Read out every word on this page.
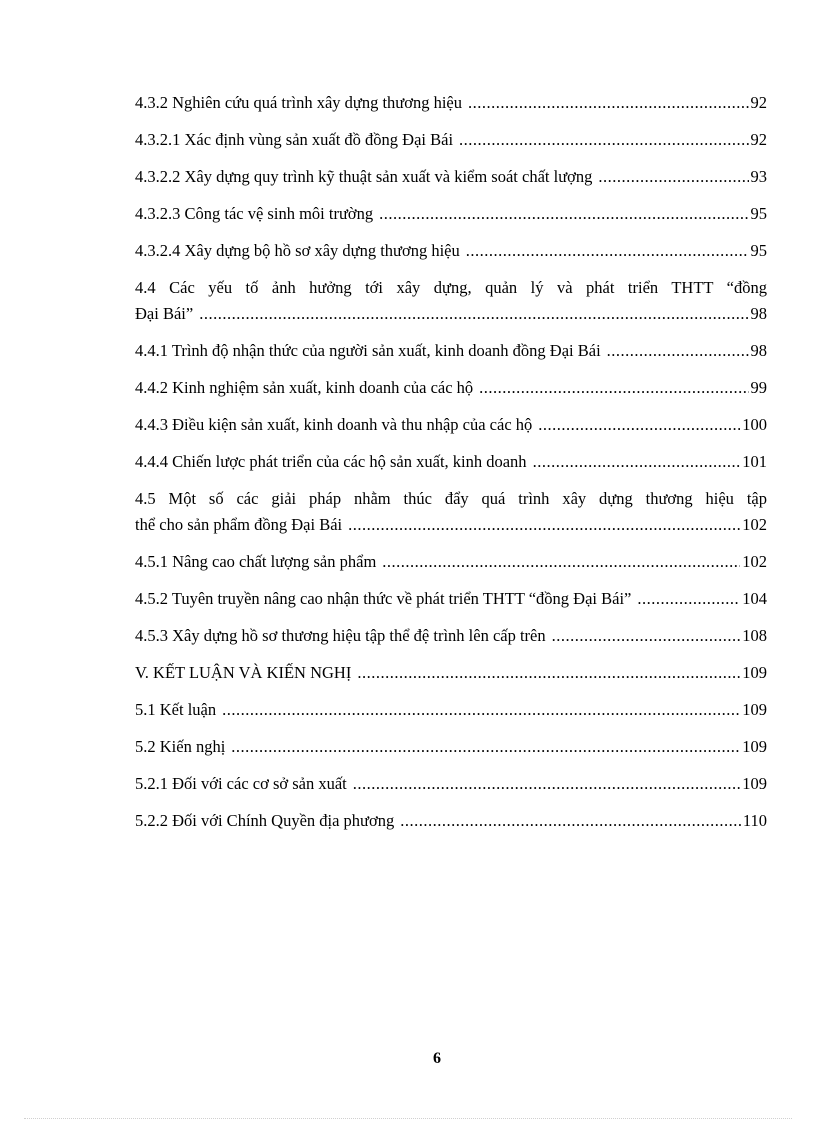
4.3.2 Nghiên cứu quá trình xây dựng thương hiệu .....	92
4.3.2.1 Xác định vùng sản xuất đồ đồng Đại Bái .....	92
4.3.2.2 Xây dựng quy trình kỹ thuật sản xuất và kiểm soát chất lượng .....	93
4.3.2.3 Công tác vệ sinh môi trường .....	95
4.3.2.4 Xây dựng bộ hồ sơ xây dựng thương hiệu .....	95
4.4 Các yếu tố ảnh hưởng tới xây dựng, quản lý và phát triển THTT “đồng
Đại Bái” .....	98
4.4.1 Trình độ nhận thức của người sản xuất, kinh doanh đồng Đại Bái .....	98
4.4.2 Kinh nghiệm sản xuất, kinh doanh của các hộ .....	99
4.4.3 Điều kiện sản xuất, kinh doanh và thu nhập của các hộ .....	100
4.4.4 Chiến lược phát triển của các hộ sản xuất, kinh doanh .....	101
4.5 Một số các giải pháp nhằm thúc đẩy quá trình xây dựng thương hiệu tập
thể cho sản phẩm đồng Đại Bái .....	102
4.5.1 Nâng cao chất lượng sản phẩm .....	102
4.5.2 Tuyên truyền nâng cao nhận thức về phát triển THTT “đồng Đại Bái” .....	104
4.5.3 Xây dựng hồ sơ thương hiệu tập thể đệ trình lên cấp trên .....	108
V. KẾT LUẬN VÀ KIẾN NGHỊ .....	109
5.1 Kết luận .....	109
5.2 Kiến nghị .....	109
5.2.1 Đối với các cơ sở sản xuất .....	109
5.2.2 Đối với Chính Quyền địa phương .....	110
6
